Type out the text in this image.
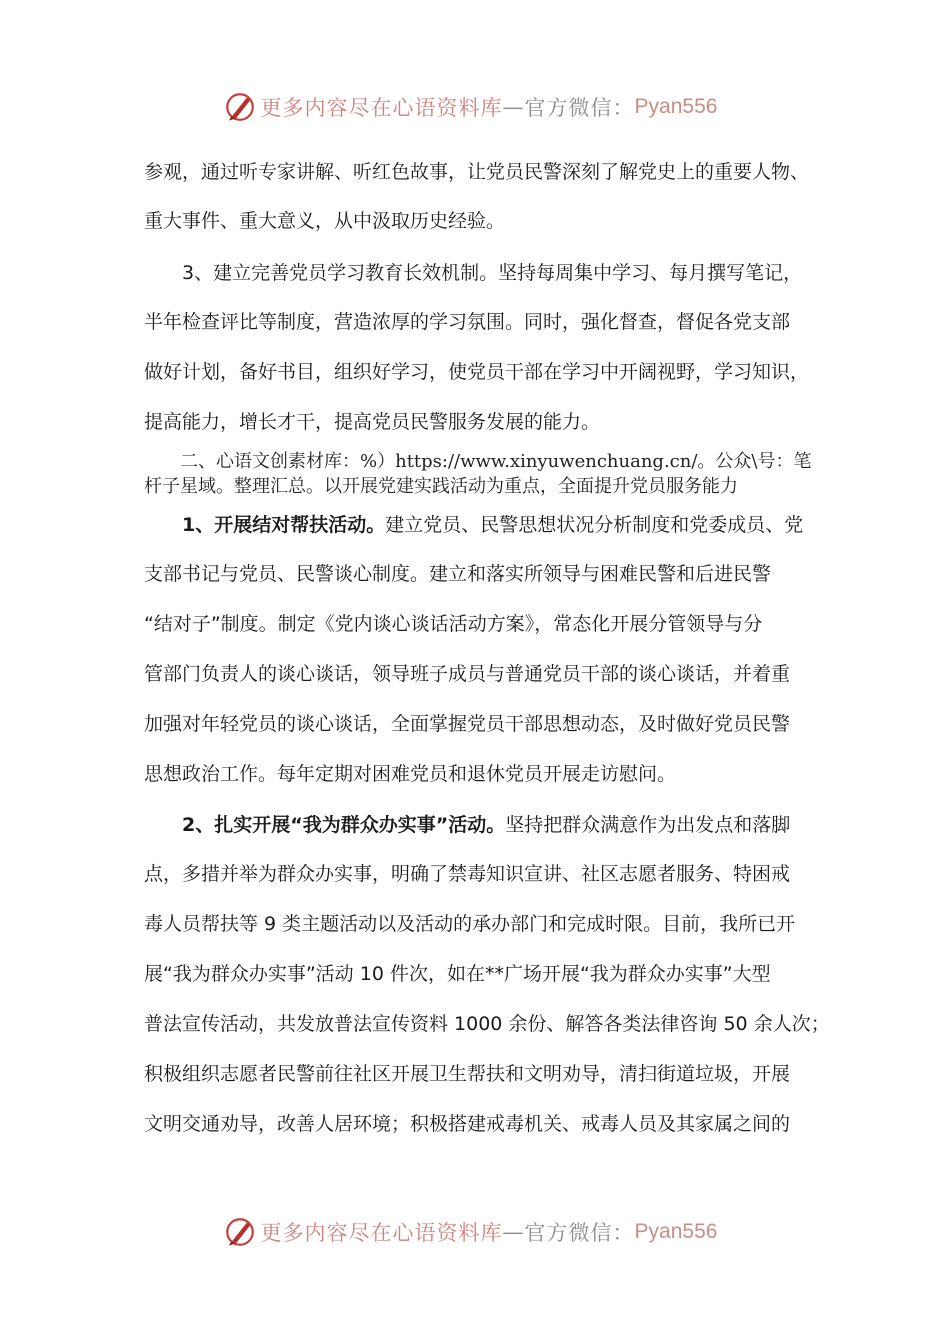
更多内容尽在心语资料库 — 官方微信： Pyan556
参观，通过听专家讲解、听红色故事，让党员民警深刻了解党史上的重要人物、
重大事件、重大意义，从中汲取历史经验。
　　3、建立完善党员学习教育长效机制。坚持每周集中学习、每月撰写笔记，
半年检查评比等制度，营造浓厚的学习氛围。同时，强化督查，督促各党支部
做好计划，备好书目，组织好学习，使党员干部在学习中开阔视野，学习知识，
提高能力，增长才干，提高党员民警服务发展的能力。
　　二、心语文创素材库：%）https://www.xinyuwenchuang.cn/。公众\号：笔
杆子星域。整理汇总。以开展党建实践活动为重点，全面提升党员服务能力
　　1、开展结对帮扶活动。建立党员、民警思想状况分析制度和党委成员、党
支部书记与党员、民警谈心制度。建立和落实所领导与困难民警和后进民警
“结对子”制度。制定《党内谈心谈话活动方案》，常态化开展分管领导与分
管部门负责人的谈心谈话，领导班子成员与普通党员干部的谈心谈话，并着重
加强对年轻党员的谈心谈话，全面掌握党员干部思想动态，及时做好党员民警
思想政治工作。每年定期对困难党员和退休党员开展走访慰问。
　　2、扎实开展“我为群众办实事”活动。坚持把群众满意作为出发点和落脚
点，多措并举为群众办实事，明确了禁毒知识宣讲、社区志愿者服务、特困戒
毒人员帮扶等 9 类主题活动以及活动的承办部门和完成时限。目前，我所已开
展“我为群众办实事”活动 10 件次，如在**广场开展“我为群众办实事”大型
普法宣传活动，共发放普法宣传资料 1000 余份、解答各类法律咨询 50 余人次；
积极组织志愿者民警前往社区开展卫生帮扶和文明劝导，清扫街道垃圾，开展
文明交通劝导，改善人居环境；积极搭建戒毒机关、戒毒人员及其家属之间的
更多内容尽在心语资料库 — 官方微信： Pyan556
